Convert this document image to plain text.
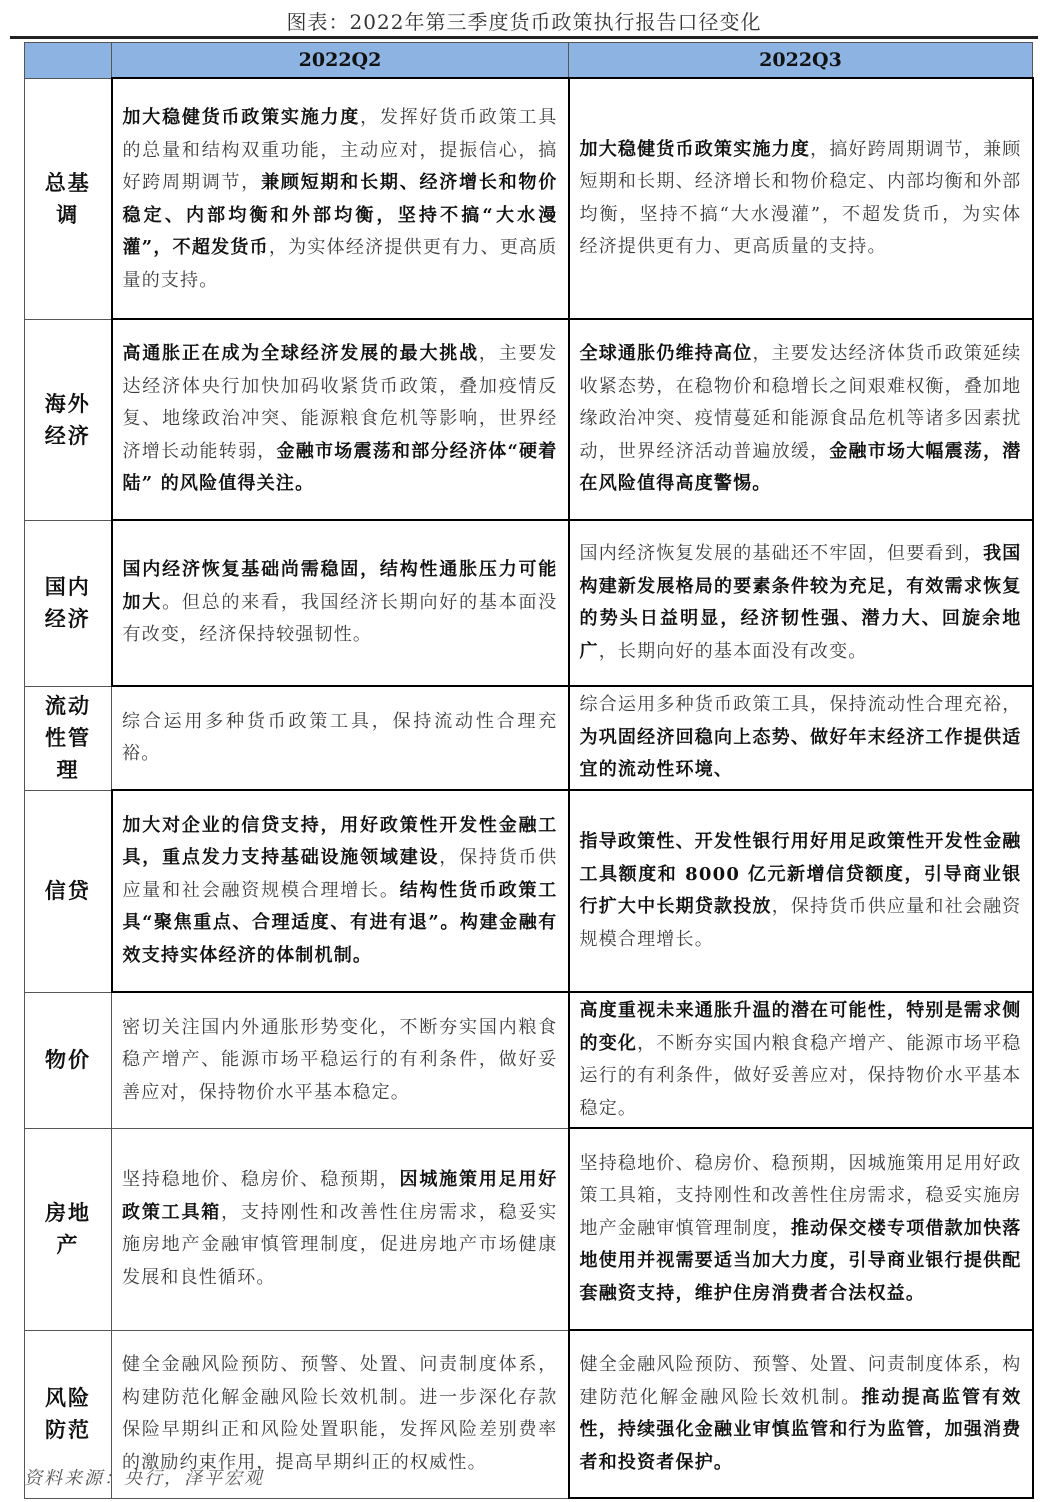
图表：2022年第三季度货币政策执行报告口径变化
	2022Q2	2022Q3
总基调	加大稳健货币政策实施力度，发挥好货币政策工具的总量和结构双重功能，主动应对，提振信心，搞好跨周期调节，兼顾短期和长期、经济增长和物价稳定、内部均衡和外部均衡，坚持不搞“大水漫灌”，不超发货币，为实体经济提供更有力、更高质量的支持。	加大稳健货币政策实施力度，搞好跨周期调节，兼顾短期和长期、经济增长和物价稳定、内部均衡和外部均衡，坚持不搞“大水漫灌”，不超发货币，为实体经济提供更有力、更高质量的支持。
海外经济	高通胀正在成为全球经济发展的最大挑战，主要发达经济体央行加快加码收紧货币政策，叠加疫情反复、地缘政治冲突、能源粮食危机等影响，世界经济增长动能转弱，金融市场震荡和部分经济体“硬着陆” 的风险值得关注。	全球通胀仍维持高位，主要发达经济体货币政策延续收紧态势，在稳物价和稳增长之间艰难权衡，叠加地缘政治冲突、疫情蔓延和能源食品危机等诸多因素扰动，世界经济活动普遍放缓，金融市场大幅震荡，潜在风险值得高度警惕。
国内经济	国内经济恢复基础尚需稳固，结构性通胀压力可能加大。但总的来看，我国经济长期向好的基本面没有改变，经济保持较强韧性。	国内经济恢复发展的基础还不牢固，但要看到，我国构建新发展格局的要素条件较为充足，有效需求恢复的势头日益明显，经济韧性强、潜力大、回旋余地广，长期向好的基本面没有改变。
流动性管理	综合运用多种货币政策工具，保持流动性合理充裕。	综合运用多种货币政策工具，保持流动性合理充裕，为巩固经济回稳向上态势、做好年末经济工作提供适宜的流动性环境、
信贷	加大对企业的信贷支持，用好政策性开发性金融工具，重点发力支持基础设施领域建设，保持货币供应量和社会融资规模合理增长。结构性货币政策工具“聚焦重点、合理适度、有进有退”。构建金融有效支持实体经济的体制机制。	指导政策性、开发性银行用好用足政策性开发性金融工具额度和 8000 亿元新增信贷额度，引导商业银行扩大中长期贷款投放，保持货币供应量和社会融资规模合理增长。
物价	密切关注国内外通胀形势变化，不断夯实国内粮食稳产增产、能源市场平稳运行的有利条件，做好妥善应对，保持物价水平基本稳定。	高度重视未来通胀升温的潜在可能性，特别是需求侧的变化，不断夯实国内粮食稳产增产、能源市场平稳运行的有利条件，做好妥善应对，保持物价水平基本稳定。
房地产	坚持稳地价、稳房价、稳预期，因城施策用足用好政策工具箱，支持刚性和改善性住房需求，稳妥实施房地产金融审慎管理制度，促进房地产市场健康发展和良性循环。	坚持稳地价、稳房价、稳预期，因城施策用足用好政策工具箱，支持刚性和改善性住房需求，稳妥实施房地产金融审慎管理制度，推动保交楼专项借款加快落地使用并视需要适当加大力度，引导商业银行提供配套融资支持，维护住房消费者合法权益。
风险防范	健全金融风险预防、预警、处置、问责制度体系，构建防范化解金融风险长效机制。进一步深化存款保险早期纠正和风险处置职能，发挥风险差别费率的激励约束作用，提高早期纠正的权威性。	健全金融风险预防、预警、处置、问责制度体系，构建防范化解金融风险长效机制。推动提高监管有效性，持续强化金融业审慎监管和行为监管，加强消费者和投资者保护。
资料来源：央行，泽平宏观
